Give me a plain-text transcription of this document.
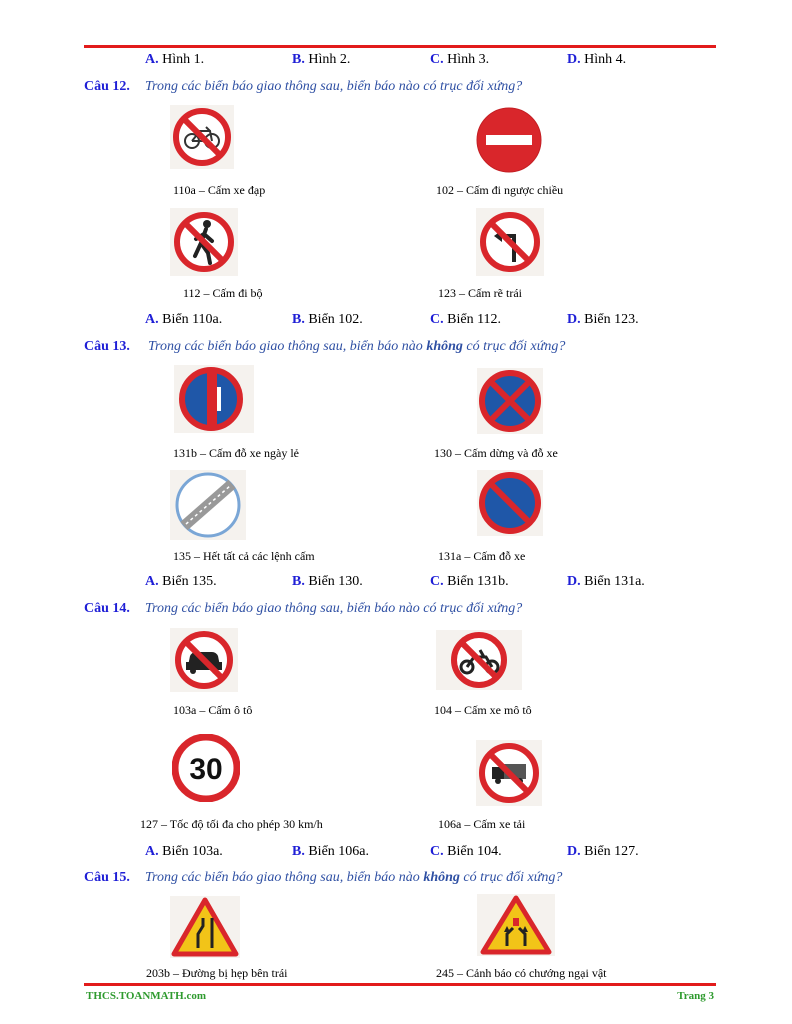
A. Hình 1.	B. Hình 2.	C. Hình 3.	D. Hình 4.
Câu 12. Trong các biển báo giao thông sau, biển báo nào có trục đối xứng?
110a – Cấm xe đạp	102 – Cấm đi ngược chiều
112 – Cấm đi bộ	123 – Cấm rẽ trái
A. Biển 110a.	B. Biển 102.	C. Biển 112.	D. Biển 123.
Câu 13. Trong các biển báo giao thông sau, biển báo nào không có trục đối xứng?
131b – Cấm đỗ xe ngày lẻ	130 – Cấm dừng và đỗ xe
135 – Hết tất cả các lệnh cấm	131a – Cấm đỗ xe
A. Biển 135.	B. Biển 130.	C. Biển 131b.	D. Biển 131a.
Câu 14. Trong các biển báo giao thông sau, biển báo nào có trục đối xứng?
103a – Cấm ô tô	104 – Cấm xe mô tô
30
127 – Tốc độ tối đa cho phép 30 km/h	106a – Cấm xe tải
A. Biển 103a.	B. Biển 106a.	C. Biển 104.	D. Biển 127.
Câu 15. Trong các biển báo giao thông sau, biển báo nào không có trục đối xứng?
203b – Đường bị hẹp bên trái	245 – Cảnh báo có chướng ngại vật
THCS.TOANMATH.com	Trang 3
